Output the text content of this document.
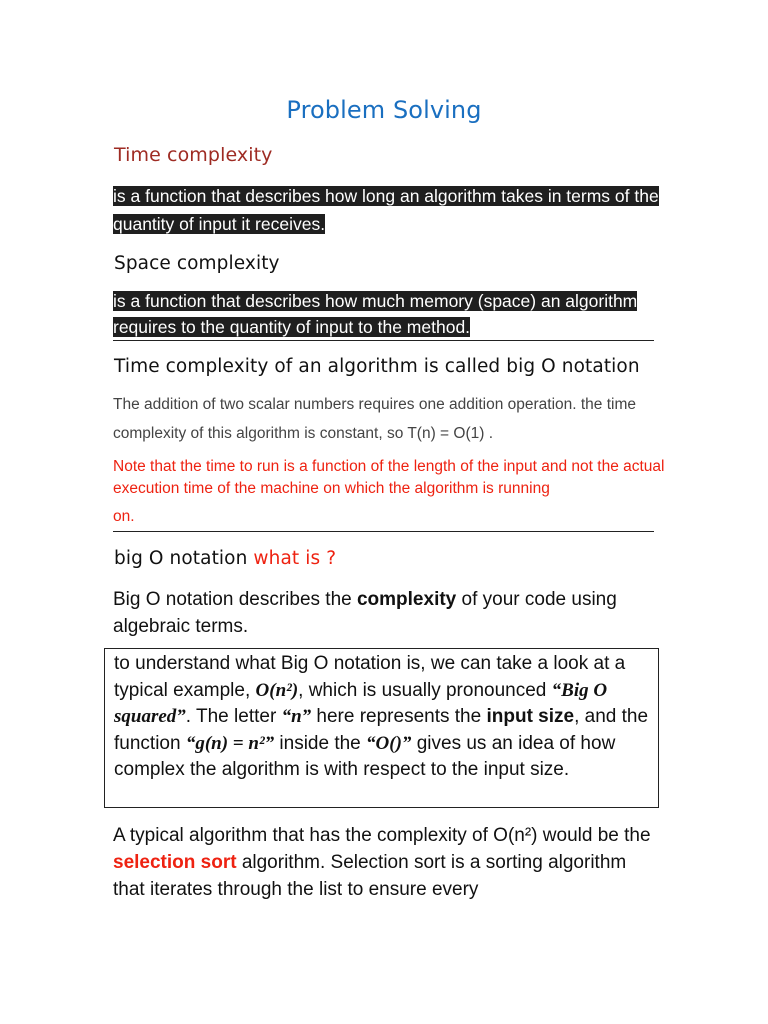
Problem Solving
Time complexity
is a function that describes how long an algorithm takes in terms of the quantity of input it receives.
Space complexity
is a function that describes how much memory (space) an algorithm requires to the quantity of input to the method.
Time complexity of an algorithm is called big O notation
The addition of two scalar numbers requires one addition operation. the time complexity of this algorithm is constant, so T(n) = O(1) .
Note that the time to run is a function of the length of the input and not the actual execution time of the machine on which the algorithm is running
on.
big O notation what is ?
Big O notation describes the complexity of your code using algebraic terms.
to understand what Big O notation is, we can take a look at a typical example, O(n²), which is usually pronounced “Big O squared”. The letter “n” here represents the input size, and the function “g(n) = n²” inside the “O()” gives us an idea of how complex the algorithm is with respect to the input size.
A typical algorithm that has the complexity of O(n²) would be the selection sort algorithm. Selection sort is a sorting algorithm that iterates through the list to ensure every
